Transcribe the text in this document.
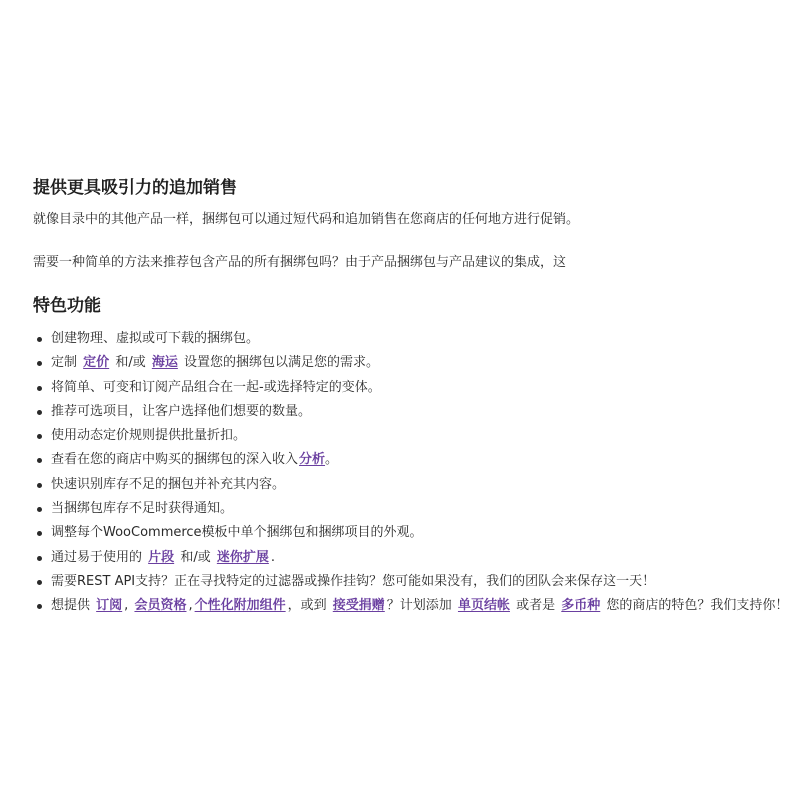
提供更具吸引力的追加销售

就像目录中的其他产品一样，捆绑包可以通过短代码和追加销售在您商店的任何地方进行促销。

需要一种简单的方法来推荐包含产品的所有捆绑包吗？由于产品捆绑包与产品建议的集成，这

特色功能
创建物理、虚拟或可下载的捆绑包。
定制 定价 和/或 海运 设置您的捆绑包以满足您的需求。
将简单、可变和订阅产品组合在一起-或选择特定的变体。
推荐可选项目，让客户选择他们想要的数量。
使用动态定价规则提供批量折扣。
查看在您的商店中购买的捆绑包的深入收入分析。
快速识别库存不足的捆包并补充其内容。
当捆绑包库存不足时获得通知。
调整每个WooCommerce模板中单个捆绑包和捆绑项目的外观。
通过易于使用的 片段 和/或 迷你扩展 .
需要REST API支持？正在寻找特定的过滤器或操作挂钩？您可能如果没有，我们的团队会来保存这一天！
想提供 订阅 , 会员资格 , 个性化附加组件 ，或到 接受捐赠 ？计划添加 单页结帐 或者是 多币种 您的商店的特色？我们支持你！
